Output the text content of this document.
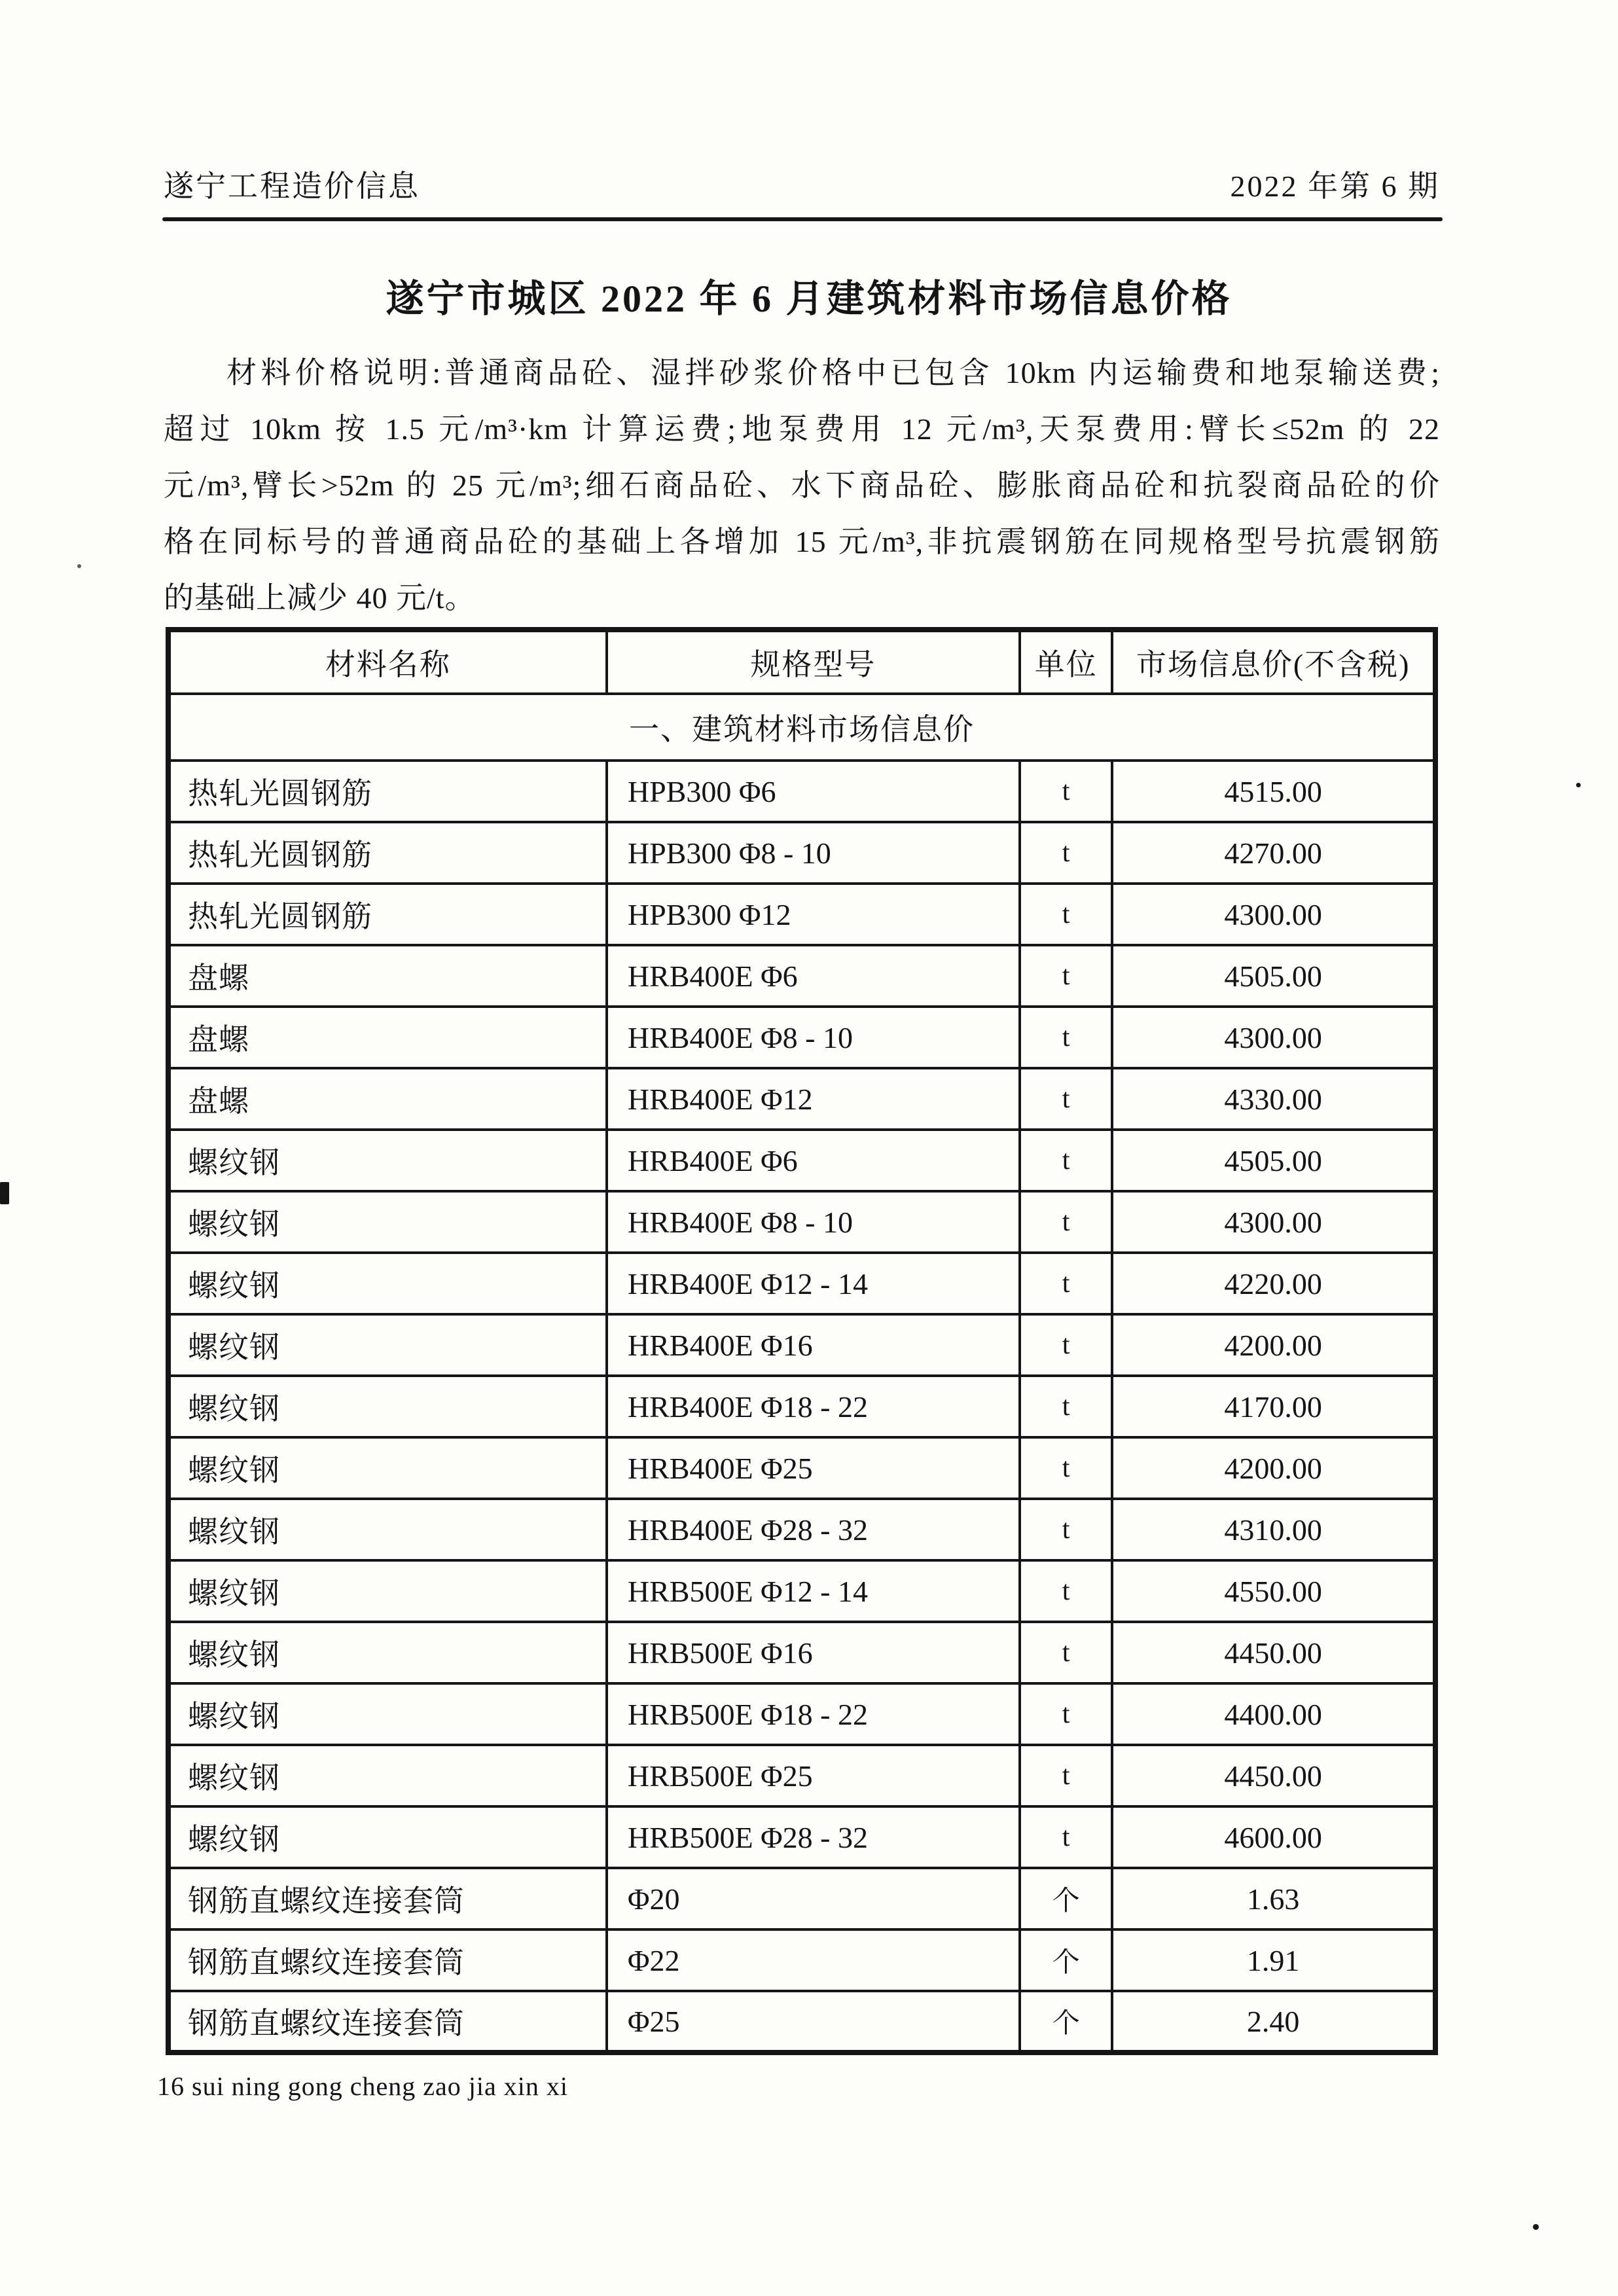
遂宁工程造价信息	2022 年第 6 期
遂宁市城区 2022 年 6 月建筑材料市场信息价格
材料价格说明:普通商品砼、湿拌砂浆价格中已包含 10km 内运输费和地泵输送费;
超过 10km 按 1.5 元/m³·km 计算运费;地泵费用 12 元/m³,天泵费用:臂长≤52m 的 22
元/m³,臂长>52m 的 25 元/m³;细石商品砼、水下商品砼、膨胀商品砼和抗裂商品砼的价
格在同标号的普通商品砼的基础上各增加 15 元/m³,非抗震钢筋在同规格型号抗震钢筋
的基础上减少 40 元/t。
材料名称	规格型号	单位	市场信息价(不含税)
一、建筑材料市场信息价			
热轧光圆钢筋	HPB300 Φ6	t	4515.00
热轧光圆钢筋	HPB300 Φ8 - 10	t	4270.00
热轧光圆钢筋	HPB300 Φ12	t	4300.00
盘螺	HRB400E Φ6	t	4505.00
盘螺	HRB400E Φ8 - 10	t	4300.00
盘螺	HRB400E Φ12	t	4330.00
螺纹钢	HRB400E Φ6	t	4505.00
螺纹钢	HRB400E Φ8 - 10	t	4300.00
螺纹钢	HRB400E Φ12 - 14	t	4220.00
螺纹钢	HRB400E Φ16	t	4200.00
螺纹钢	HRB400E Φ18 - 22	t	4170.00
螺纹钢	HRB400E Φ25	t	4200.00
螺纹钢	HRB400E Φ28 - 32	t	4310.00
螺纹钢	HRB500E Φ12 - 14	t	4550.00
螺纹钢	HRB500E Φ16	t	4450.00
螺纹钢	HRB500E Φ18 - 22	t	4400.00
螺纹钢	HRB500E Φ25	t	4450.00
螺纹钢	HRB500E Φ28 - 32	t	4600.00
钢筋直螺纹连接套筒	Φ20	个	1.63
钢筋直螺纹连接套筒	Φ22	个	1.91
钢筋直螺纹连接套筒	Φ25	个	2.40
16 sui ning gong cheng zao jia xin xi
